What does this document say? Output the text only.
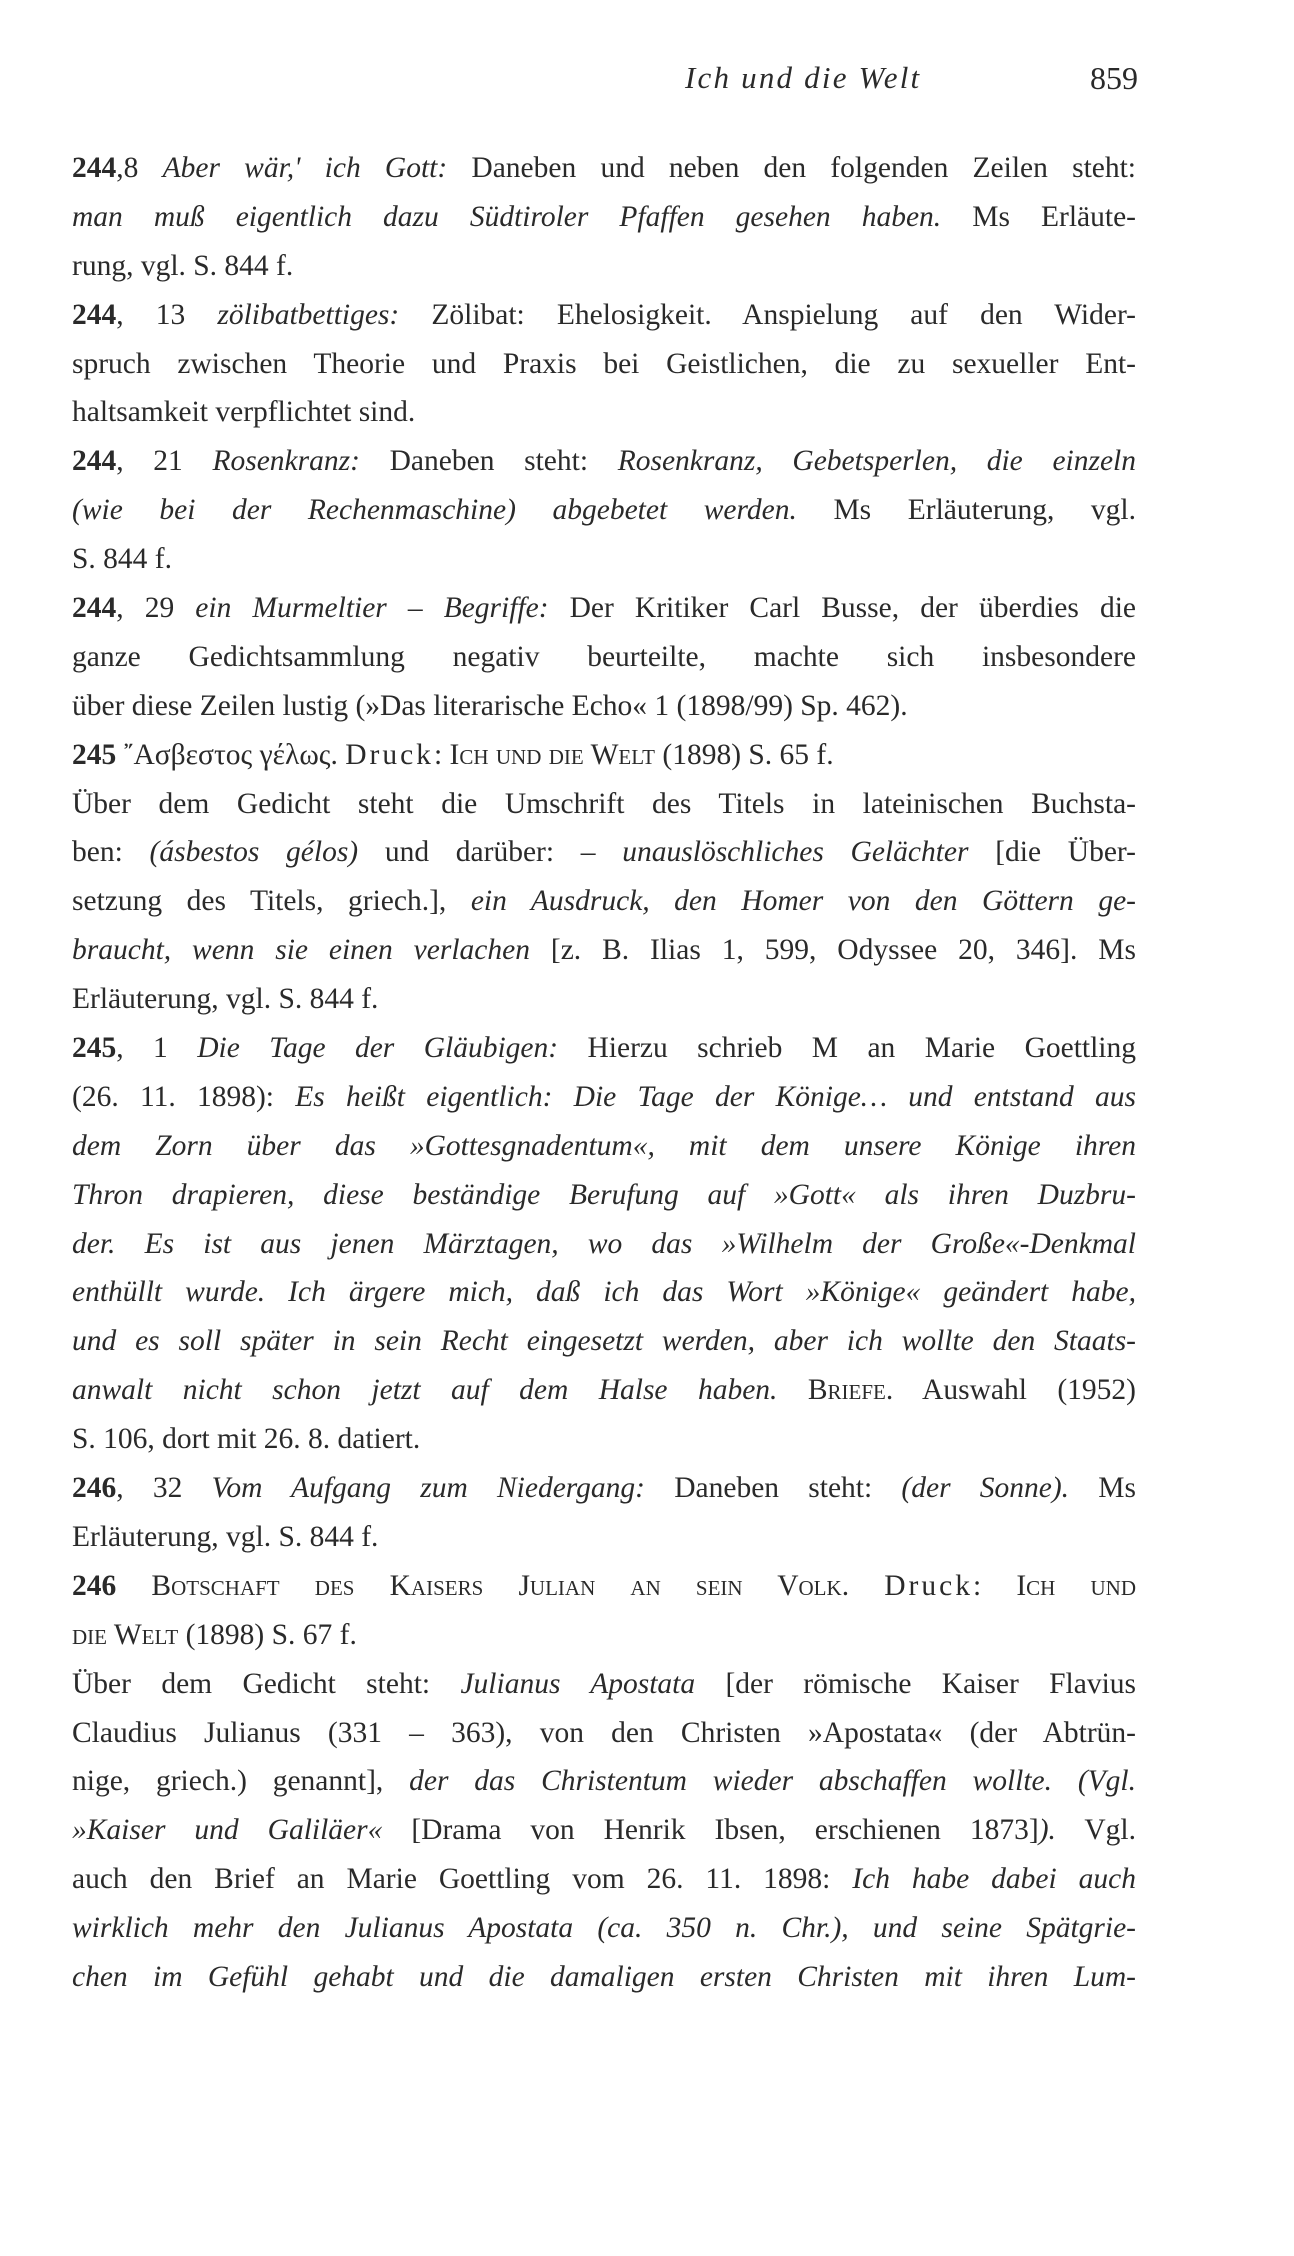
Ich und die Welt	859
244,8 Aber wär,' ich Gott: Daneben und neben den folgenden Zeilen steht:
man muß eigentlich dazu Südtiroler Pfaffen gesehen haben. Ms Erläute-
rung, vgl. S. 844 f.
244, 13 zölibatbettiges: Zölibat: Ehelosigkeit. Anspielung auf den Wider-
spruch zwischen Theorie und Praxis bei Geistlichen, die zu sexueller Ent-
haltsamkeit verpflichtet sind.
244, 21 Rosenkranz: Daneben steht: Rosenkranz, Gebetsperlen, die einzeln
(wie bei der Rechenmaschine) abgebetet werden. Ms Erläuterung, vgl.
S. 844 f.
244, 29 ein Murmeltier – Begriffe: Der Kritiker Carl Busse, der überdies die
ganze Gedichtsammlung negativ beurteilte, machte sich insbesondere
über diese Zeilen lustig (»Das literarische Echo« 1 (1898/99) Sp. 462).
245 ῎Ασβεστος γέλως. Druck: Ich und die Welt (1898) S. 65 f.
Über dem Gedicht steht die Umschrift des Titels in lateinischen Buchsta-
ben: (ásbestos gélos) und darüber: – unauslöschliches Gelächter [die Über-
setzung des Titels, griech.], ein Ausdruck, den Homer von den Göttern ge-
braucht, wenn sie einen verlachen [z. B. Ilias 1, 599, Odyssee 20, 346]. Ms
Erläuterung, vgl. S. 844 f.
245, 1 Die Tage der Gläubigen: Hierzu schrieb M an Marie Goettling
(26. 11. 1898): Es heißt eigentlich: Die Tage der Könige… und entstand aus
dem Zorn über das »Gottesgnadentum«, mit dem unsere Könige ihren
Thron drapieren, diese beständige Berufung auf »Gott« als ihren Duzbru-
der. Es ist aus jenen Märztagen, wo das »Wilhelm der Große«-Denkmal
enthüllt wurde. Ich ärgere mich, daß ich das Wort »Könige« geändert habe,
und es soll später in sein Recht eingesetzt werden, aber ich wollte den Staats-
anwalt nicht schon jetzt auf dem Halse haben. Briefe. Auswahl (1952)
S. 106, dort mit 26. 8. datiert.
246, 32 Vom Aufgang zum Niedergang: Daneben steht: (der Sonne). Ms
Erläuterung, vgl. S. 844 f.
246 Botschaft des Kaisers Julian an sein Volk. Druck: Ich und
die Welt (1898) S. 67 f.
Über dem Gedicht steht: Julianus Apostata [der römische Kaiser Flavius
Claudius Julianus (331 – 363), von den Christen »Apostata« (der Abtrün-
nige, griech.) genannt], der das Christentum wieder abschaffen wollte. (Vgl.
»Kaiser und Galiläer« [Drama von Henrik Ibsen, erschienen 1873]). Vgl.
auch den Brief an Marie Goettling vom 26. 11. 1898: Ich habe dabei auch
wirklich mehr den Julianus Apostata (ca. 350 n. Chr.), und seine Spätgrie-
chen im Gefühl gehabt und die damaligen ersten Christen mit ihren Lum-
